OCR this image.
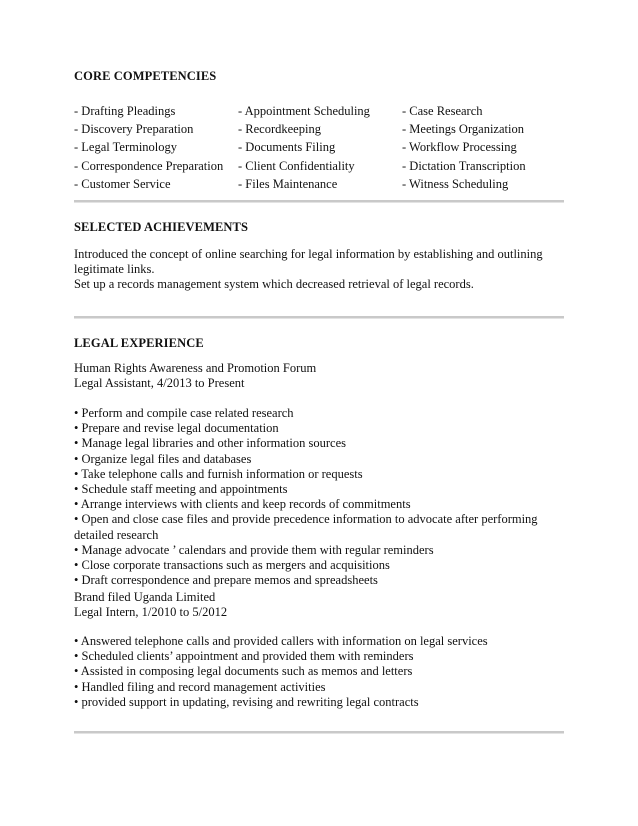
CORE COMPETENCIES
- Drafting Pleadings
- Discovery Preparation
- Legal Terminology
- Correspondence Preparation
- Customer Service
- Appointment Scheduling
- Recordkeeping
- Documents Filing
- Client Confidentiality
- Files Maintenance
- Case Research
- Meetings Organization
- Workflow Processing
- Dictation Transcription
- Witness Scheduling
SELECTED ACHIEVEMENTS
Introduced the concept of online searching for legal information by establishing and outlining
legitimate links.
Set up a records management system which decreased retrieval of legal records.
LEGAL EXPERIENCE
Human Rights Awareness and Promotion Forum
Legal Assistant, 4/2013 to Present
• Perform and compile case related research
• Prepare and revise legal documentation
• Manage legal libraries and other information sources
• Organize legal files and databases
• Take telephone calls and furnish information or requests
• Schedule staff meeting and appointments
• Arrange interviews with clients and keep records of commitments
• Open and close case files and provide precedence information to advocate after performing
detailed research
• Manage advocate ’ calendars and provide them with regular reminders
• Close corporate transactions such as mergers and acquisitions
• Draft correspondence and prepare memos and spreadsheets
Brand filed Uganda Limited
Legal Intern, 1/2010 to 5/2012
• Answered telephone calls and provided callers with information on legal services
• Scheduled clients’ appointment and provided them with reminders
• Assisted in composing legal documents such as memos and letters
• Handled filing and record management activities
• provided support in updating, revising and rewriting legal contracts
